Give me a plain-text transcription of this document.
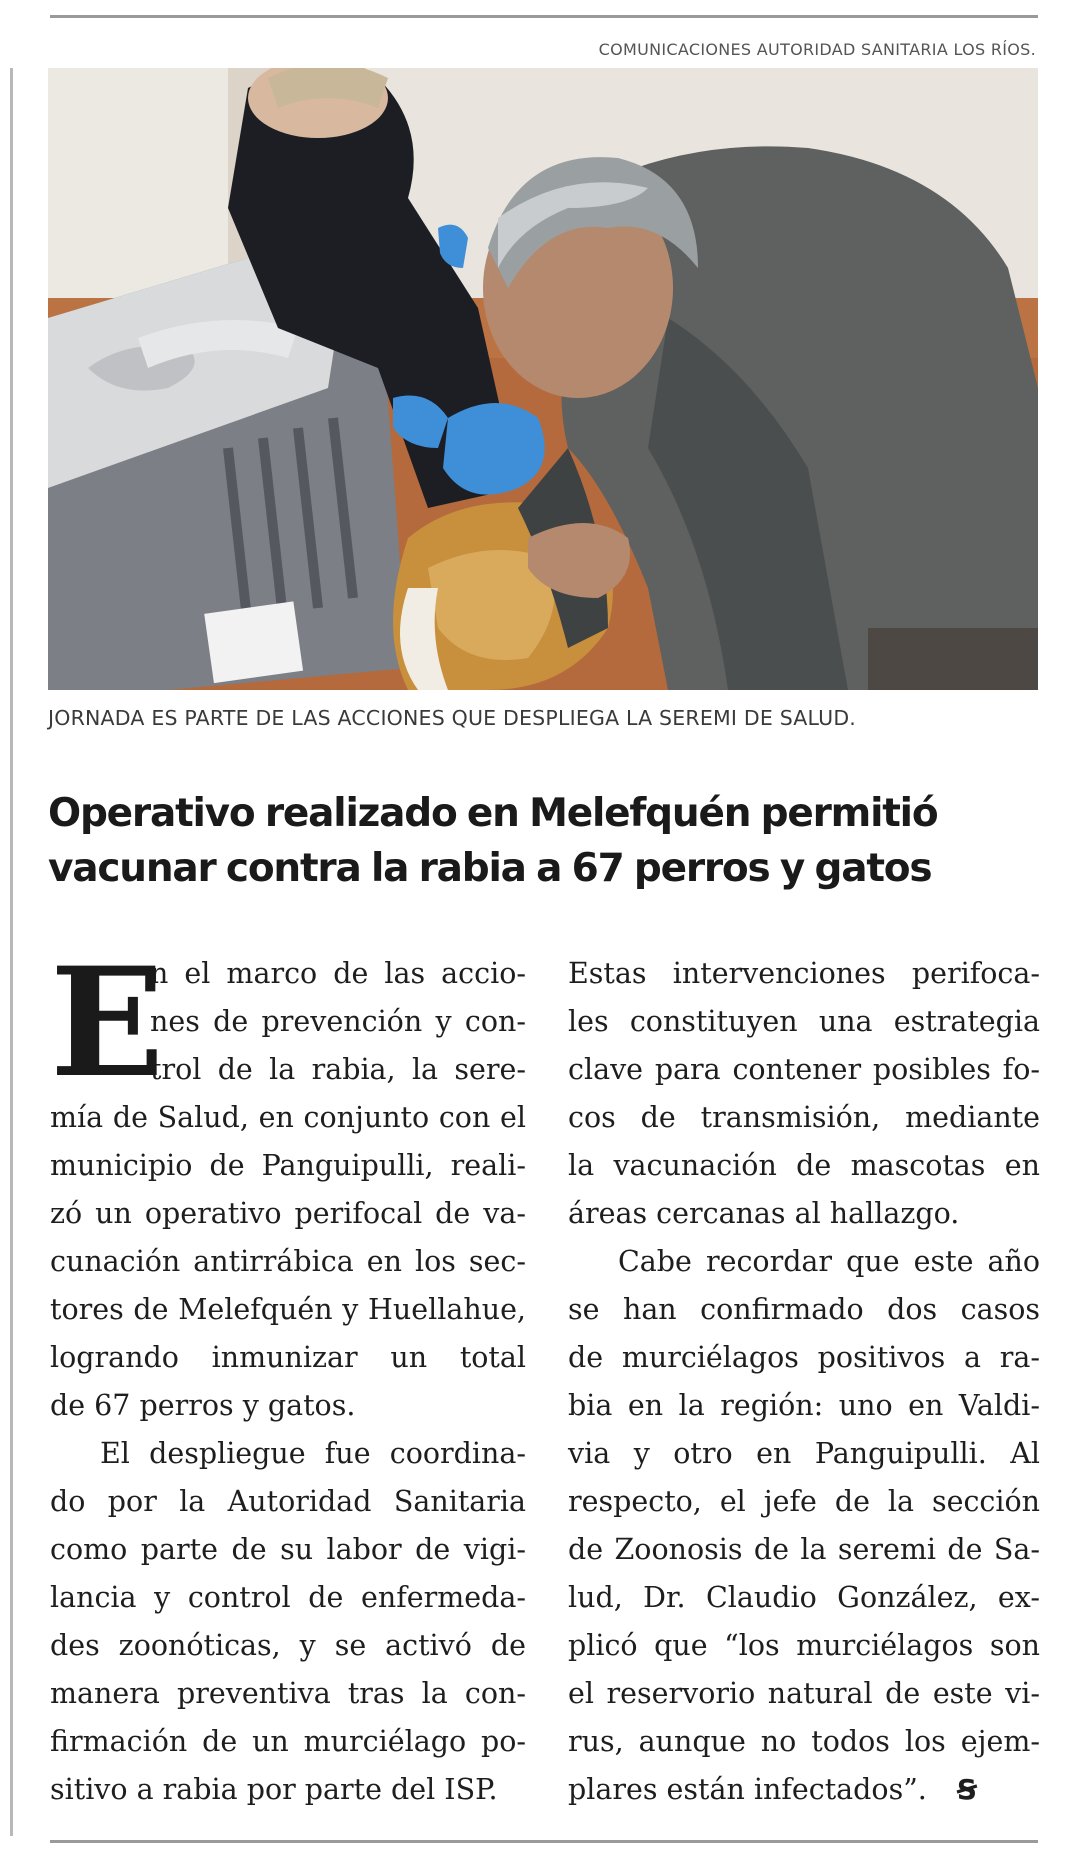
COMUNICACIONES AUTORIDAD SANITARIA LOS RÍOS.
JORNADA ES PARTE DE LAS ACCIONES QUE DESPLIEGA LA SEREMI DE SALUD.
Operativo realizado en Melefquén permitió
vacunar contra la rabia a 67 perros y gatos
E
n el marco de las accio-
nes de prevención y con-
trol de la rabia, la sere-
mía de Salud, en conjunto con el
municipio de Panguipulli, reali-
zó un operativo perifocal de va-
cunación antirrábica en los sec-
tores de Melefquén y Huellahue,
logrando inmunizar un total
de 67 perros y gatos.
El despliegue fue coordina-
do por la Autoridad Sanitaria
como parte de su labor de vigi-
lancia y control de enfermeda-
des zoonóticas, y se activó de
manera preventiva tras la con-
firmación de un murciélago po-
sitivo a rabia por parte del ISP.
Estas intervenciones perifoca-
les constituyen una estrategia
clave para contener posibles fo-
cos de transmisión, mediante
la vacunación de mascotas en
áreas cercanas al hallazgo.
Cabe recordar que este año
se han confirmado dos casos
de murciélagos positivos a ra-
bia en la región: uno en Valdi-
via y otro en Panguipulli. Al
respecto, el jefe de la sección
de Zoonosis de la seremi de Sa-
lud, Dr. Claudio González, ex-
plicó que “los murciélagos son
el reservorio natural de este vi-
rus, aunque no todos los ejem-
plares están infectados”. Ꞩ
